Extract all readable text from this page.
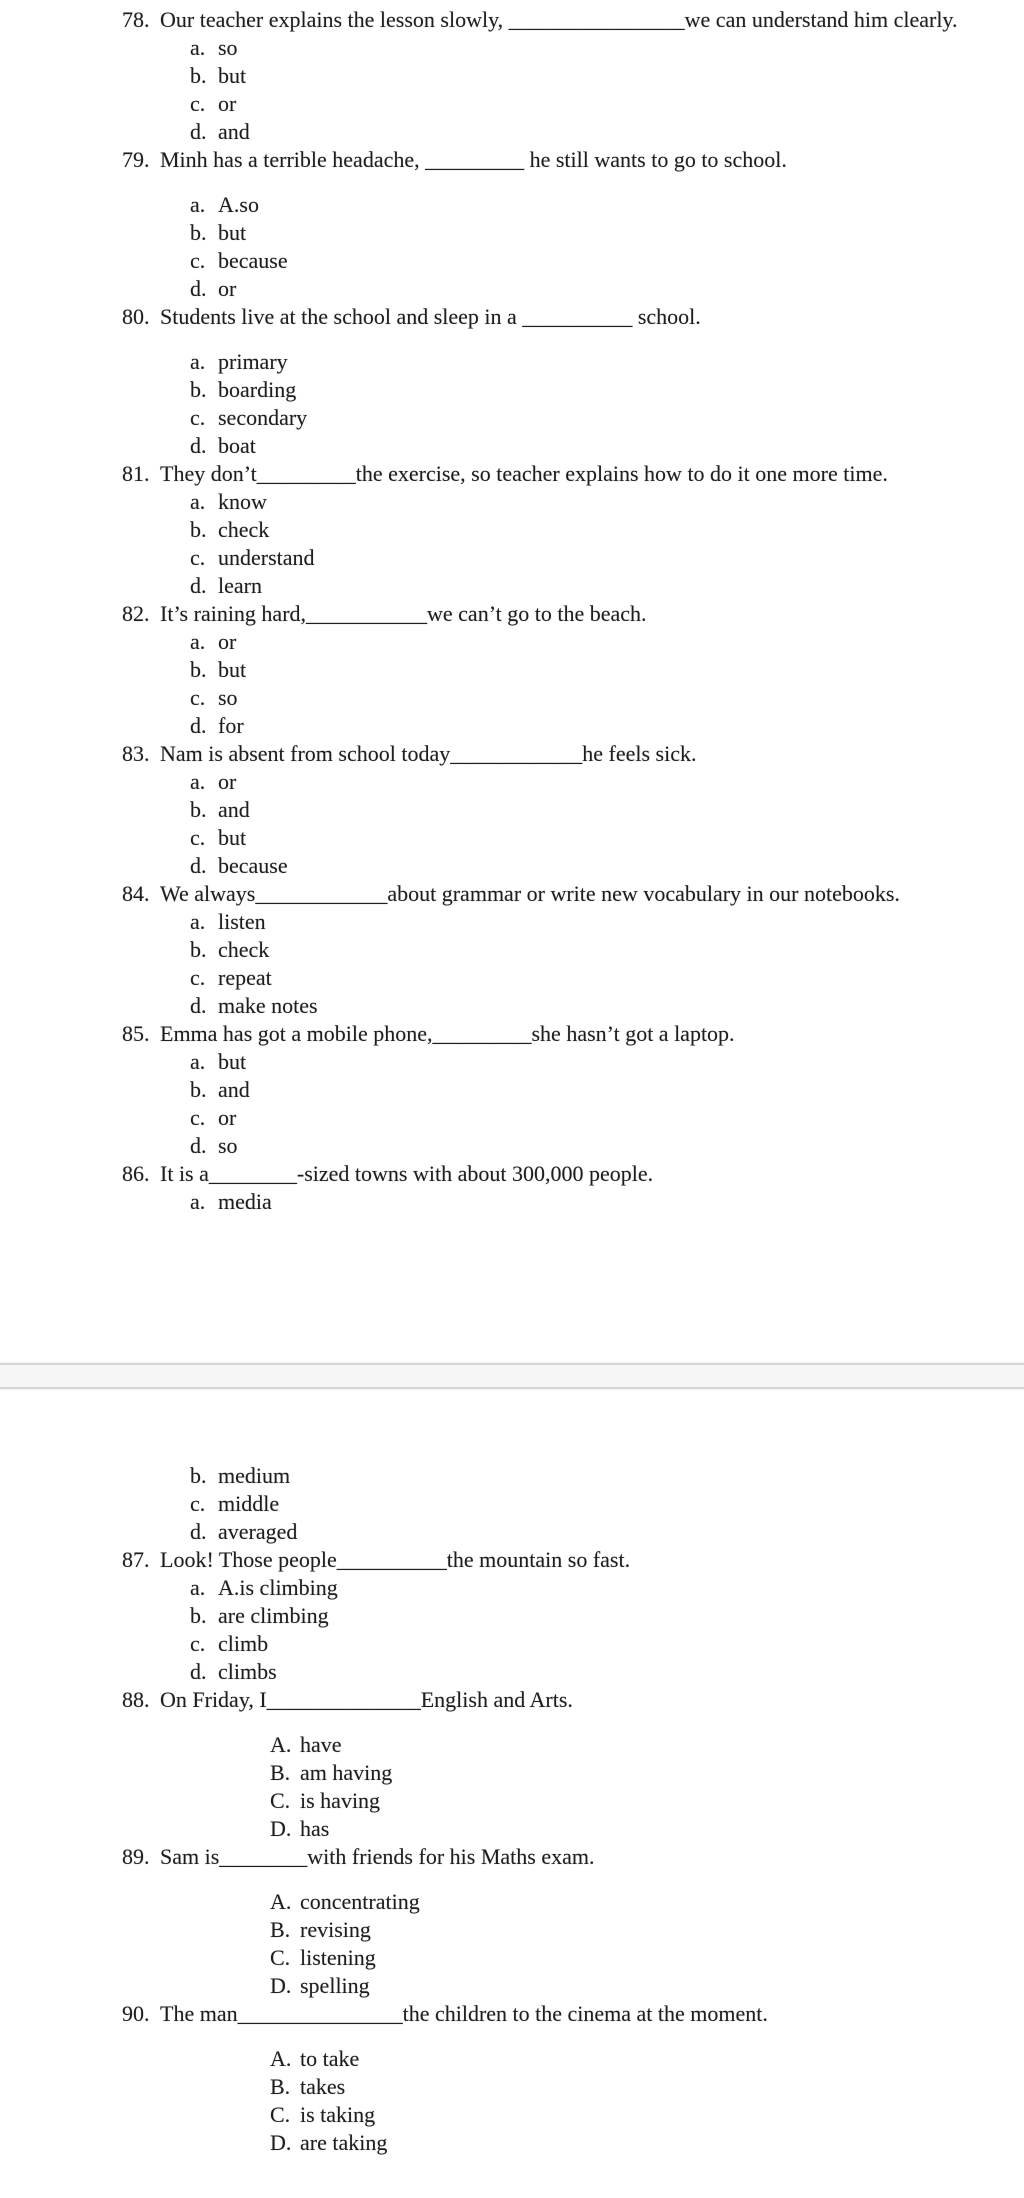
78. Our teacher explains the lesson slowly, ________________we can understand him clearly.
a. so
b. but
c. or
d. and
79. Minh has a terrible headache, _________ he still wants to go to school.
a. A.so
b. but
c. because
d. or
80. Students live at the school and sleep in a __________ school.
a. primary
b. boarding
c. secondary
d. boat
81. They don’t_________the exercise, so teacher explains how to do it one more time.
a. know
b. check
c. understand
d. learn
82. It’s raining hard,___________we can’t go to the beach.
a. or
b. but
c. so
d. for
83. Nam is absent from school today____________he feels sick.
a. or
b. and
c. but
d. because
84. We always____________about grammar or write new vocabulary in our notebooks.
a. listen
b. check
c. repeat
d. make notes
85. Emma has got a mobile phone,_________she hasn’t got a laptop.
a. but
b. and
c. or
d. so
86. It is a________-sized towns with about 300,000 people.
a. media
b. medium
c. middle
d. averaged
87. Look! Those people__________the mountain so fast.
a. A.is climbing
b. are climbing
c. climb
d. climbs
88. On Friday, I______________English and Arts.
A. have
B. am having
C. is having
D. has
89. Sam is________with friends for his Maths exam.
A. concentrating
B. revising
C. listening
D. spelling
90. The man_______________the children to the cinema at the moment.
A. to take
B. takes
C. is taking
D. are taking
